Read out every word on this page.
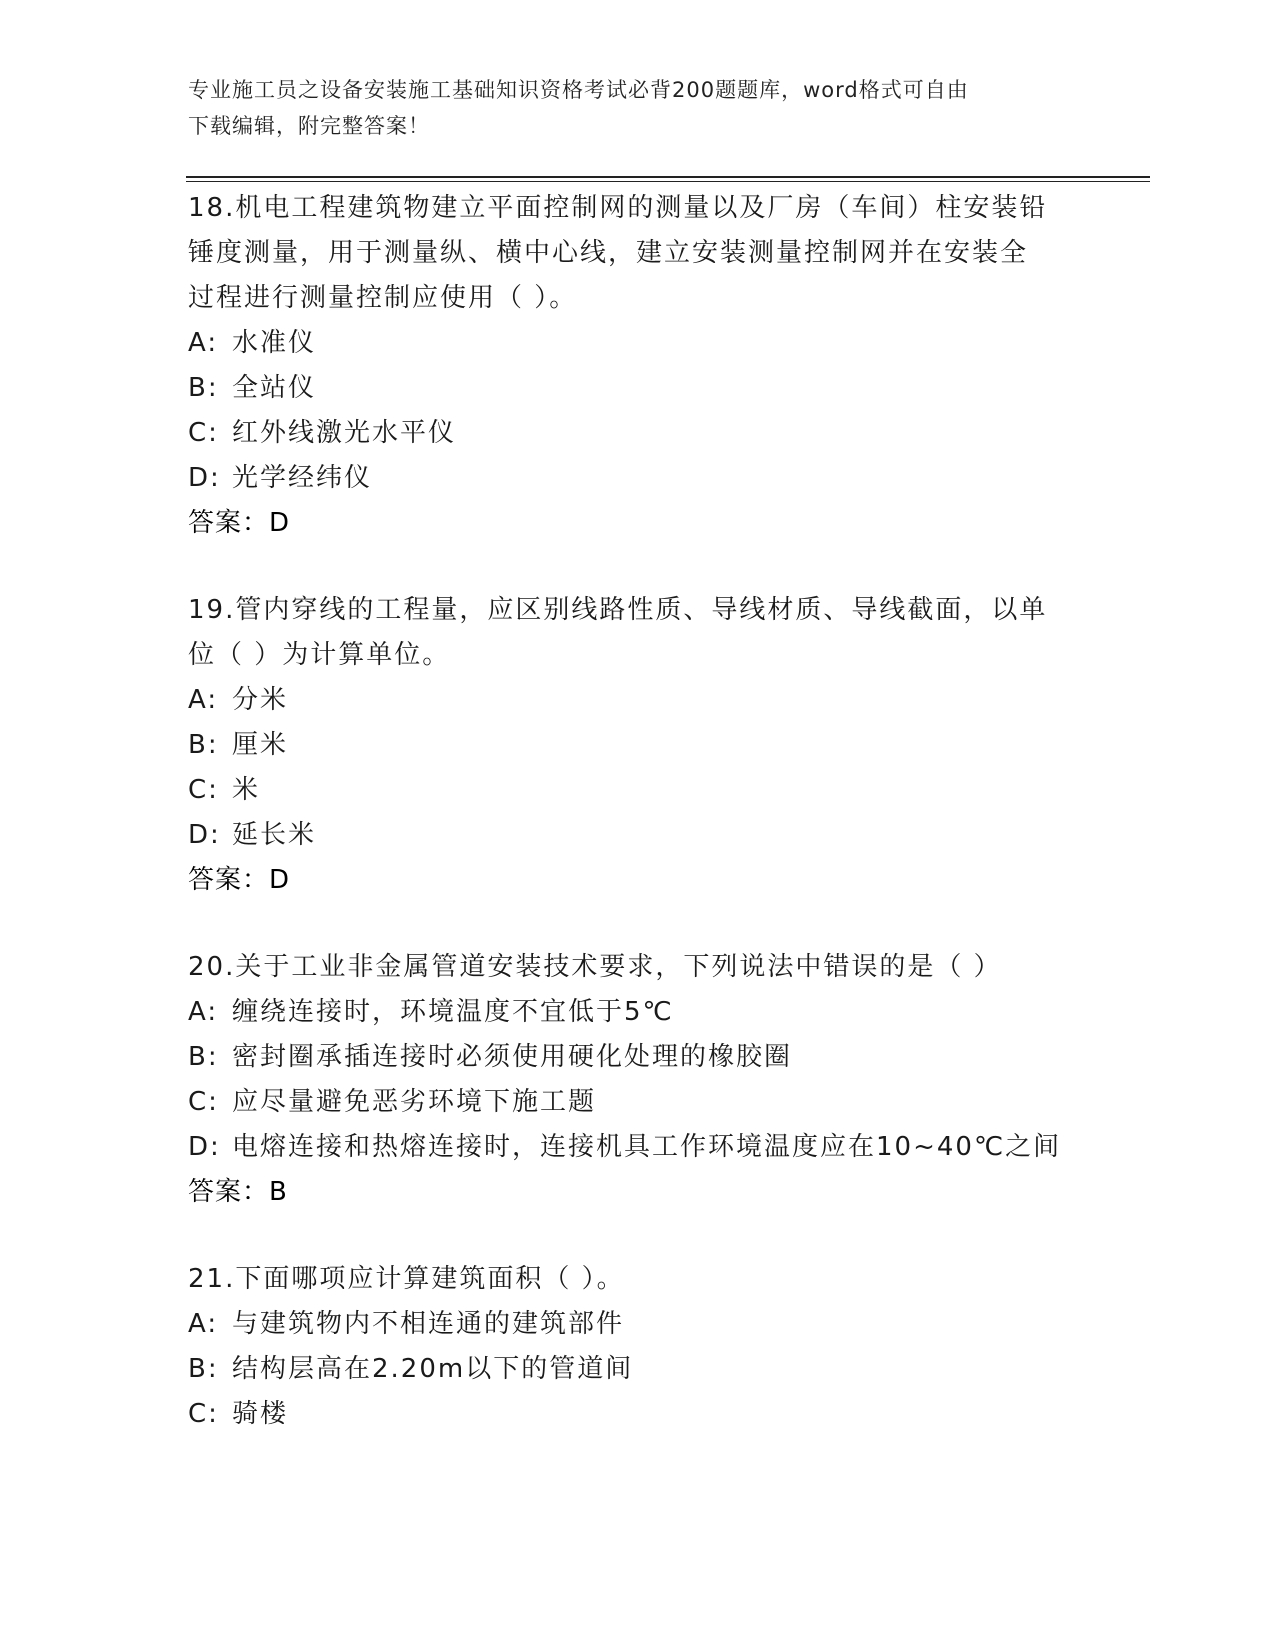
专业施工员之设备安装施工基础知识资格考试必背200题题库，word格式可自由
下载编辑，附完整答案！

18.机电工程建筑物建立平面控制网的测量以及厂房（车间）柱安装铅

锤度测量，用于测量纵、横中心线，建立安装测量控制网并在安装全

过程进行测量控制应使用（ ）。

A: 水准仪

B: 全站仪

C: 红外线激光水平仪

D: 光学经纬仪

答案：D

19.管内穿线的工程量，应区别线路性质、导线材质、导线截面，以单

位（ ）为计算单位。

A: 分米

B: 厘米

C: 米

D: 延长米

答案：D

20.关于工业非金属管道安装技术要求，下列说法中错误的是（ ）

A: 缠绕连接时，环境温度不宜低于5℃

B: 密封圈承插连接时必须使用硬化处理的橡胶圈

C: 应尽量避免恶劣环境下施工题

D: 电熔连接和热熔连接时，连接机具工作环境温度应在10~40℃之间

答案：B

21.下面哪项应计算建筑面积（ ）。

A: 与建筑物内不相连通的建筑部件

B: 结构层高在2.20m以下的管道间

C: 骑楼
